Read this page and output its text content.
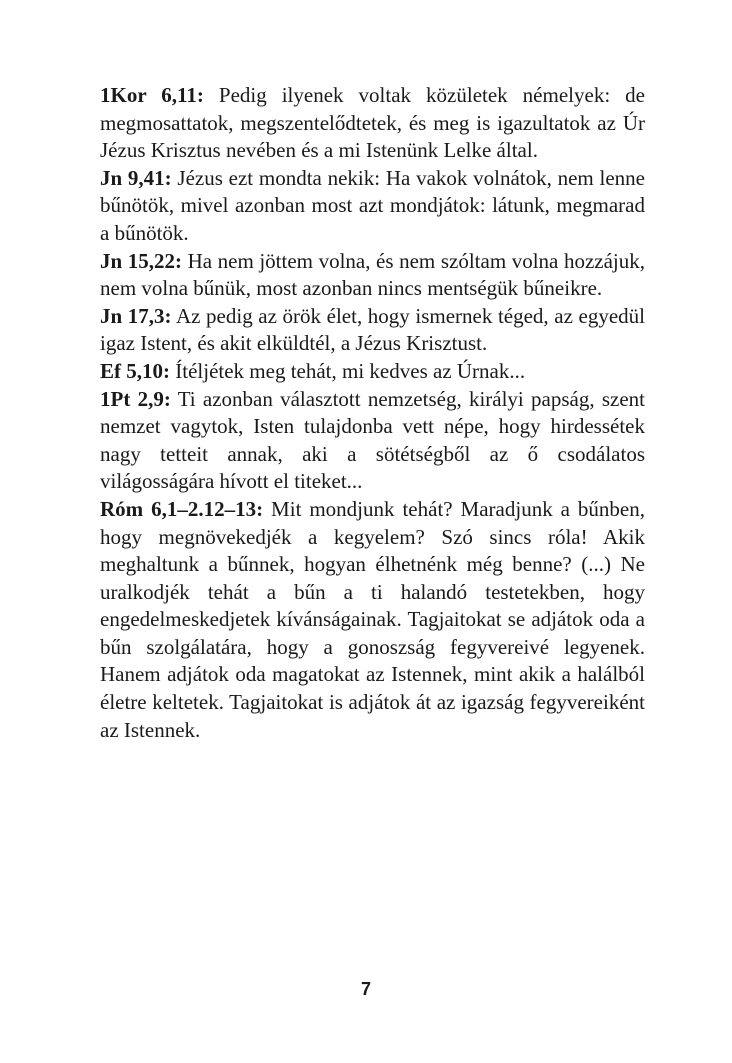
1Kor 6,11: Pedig ilyenek voltak közületek némelyek: de megmosattatok, megszentelődtetek, és meg is igazultatok az Úr Jézus Krisztus nevében és a mi Istenünk Lelke által.

Jn 9,41: Jézus ezt mondta nekik: Ha vakok volnátok, nem lenne bűnötök, mivel azonban most azt mondjátok: látunk, megmarad a bűnötök.

Jn 15,22: Ha nem jöttem volna, és nem szóltam volna hozzájuk, nem volna bűnük, most azonban nincs mentségük bűneikre.

Jn 17,3: Az pedig az örök élet, hogy ismernek téged, az egyedül igaz Istent, és akit elküldtél, a Jézus Krisztust.

Ef 5,10: Ítéljétek meg tehát, mi kedves az Úrnak...

1Pt 2,9: Ti azonban választott nemzetség, királyi papság, szent nemzet vagytok, Isten tulajdonba vett népe, hogy hirdessétek nagy tetteit annak, aki a sötétségből az ő csodálatos világosságára hívott el titeket...

Róm 6,1–2.12–13: Mit mondjunk tehát? Maradjunk a bűnben, hogy megnövekedjék a kegyelem? Szó sincs róla! Akik meghaltunk a bűnnek, hogyan élhetnénk még benne? (...) Ne uralkodjék tehát a bűn a ti halandó testetekben, hogy engedelmeskedjetek kívánságainak. Tagjaitokat se adjátok oda a bűn szolgálatára, hogy a gonoszság fegyvereivé legyenek. Hanem adjátok oda magatokat az Istennek, mint akik a halálból életre keltetek. Tagjaitokat is adjátok át az igazság fegyvereiként az Istennek.

7
